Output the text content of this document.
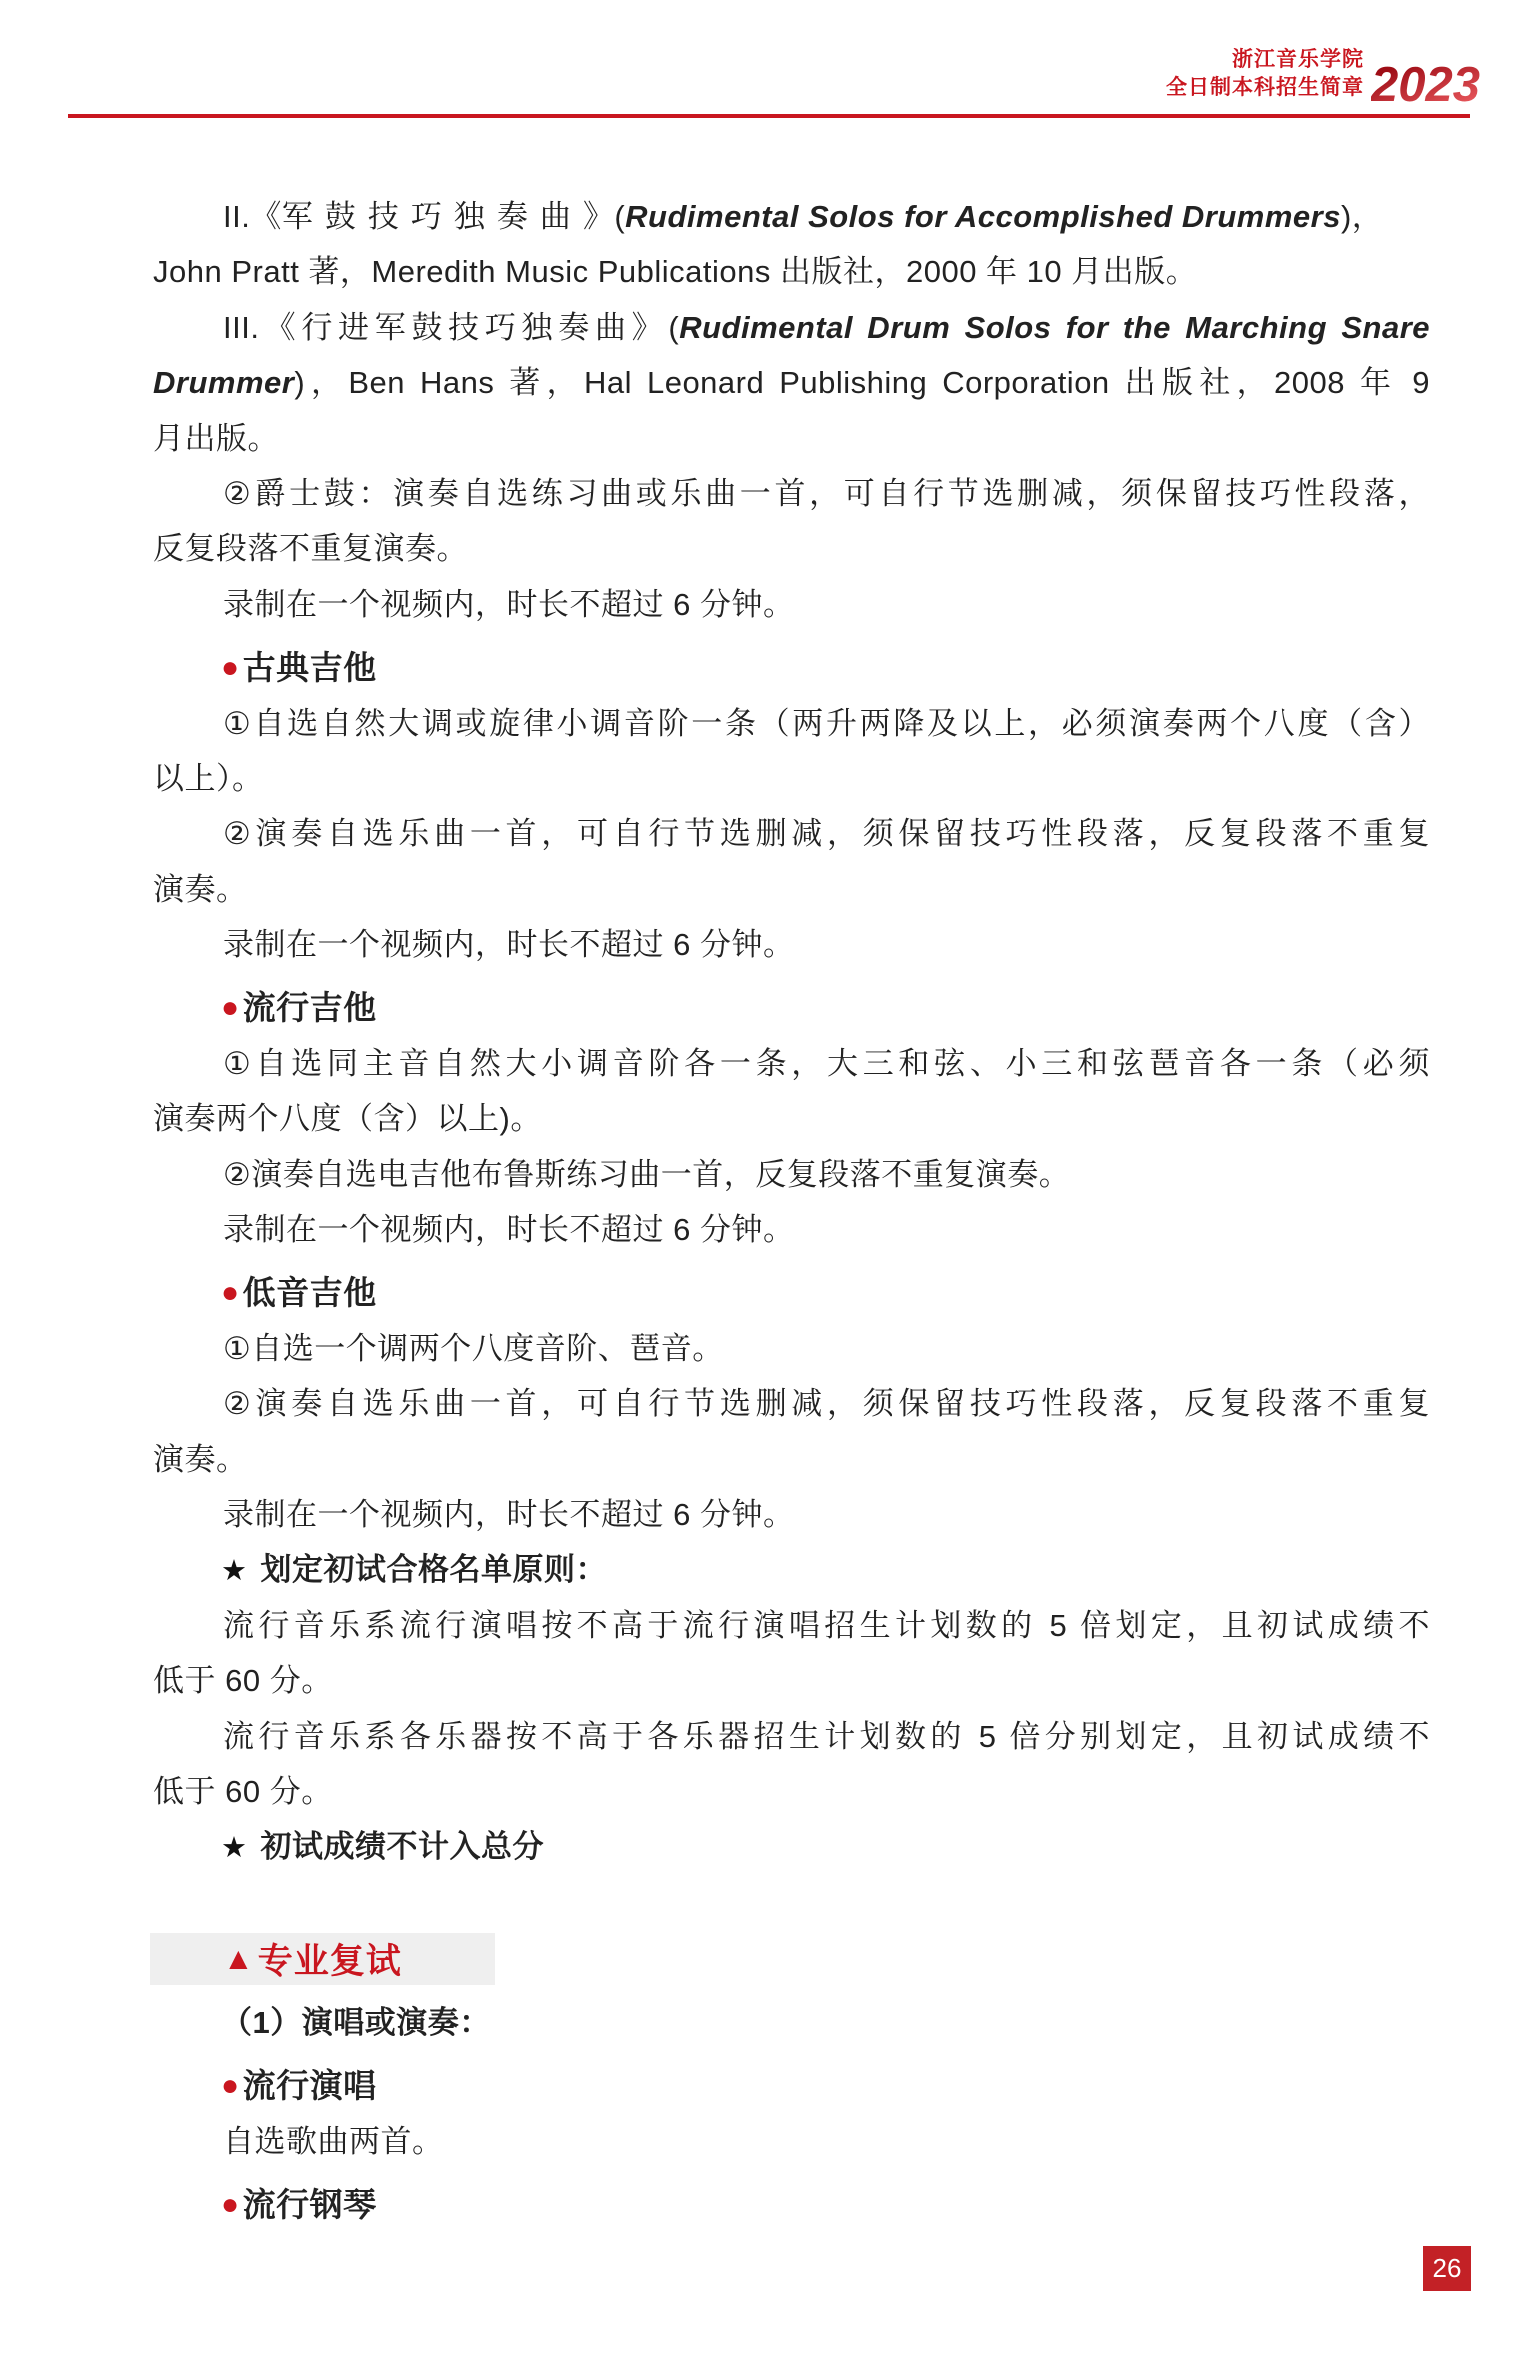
浙江音乐学院
全日制本科招生简章 2023
II.《军鼓技巧独奏曲》(Rudimental Solos for Accomplished Drummers)，
John Pratt 著，Meredith Music Publications 出版社，2000 年 10 月出版。
III.《行进军鼓技巧独奏曲》(Rudimental Drum Solos for the Marching Snare
Drummer)，Ben Hans 著，Hal Leonard Publishing Corporation 出版社，2008 年 9
月出版。
②爵士鼓：演奏自选练习曲或乐曲一首，可自行节选删减，须保留技巧性段落，
反复段落不重复演奏。
录制在一个视频内，时长不超过 6 分钟。
●古典吉他
①自选自然大调或旋律小调音阶一条（两升两降及以上，必须演奏两个八度（含）
以上）。
②演奏自选乐曲一首，可自行节选删减，须保留技巧性段落，反复段落不重复
演奏。
录制在一个视频内，时长不超过 6 分钟。
●流行吉他
①自选同主音自然大小调音阶各一条，大三和弦、小三和弦琶音各一条（必须
演奏两个八度（含）以上)。
②演奏自选电吉他布鲁斯练习曲一首，反复段落不重复演奏。
录制在一个视频内，时长不超过 6 分钟。
●低音吉他
①自选一个调两个八度音阶、琶音。
②演奏自选乐曲一首，可自行节选删减，须保留技巧性段落，反复段落不重复
演奏。
录制在一个视频内，时长不超过 6 分钟。
★ 划定初试合格名单原则：
流行音乐系流行演唱按不高于流行演唱招生计划数的 5 倍划定，且初试成绩不
低于 60 分。
流行音乐系各乐器按不高于各乐器招生计划数的 5 倍分别划定，且初试成绩不
低于 60 分。
★ 初试成绩不计入总分
▲ 专业复试
（1）演唱或演奏：
●流行演唱
自选歌曲两首。
●流行钢琴
26
